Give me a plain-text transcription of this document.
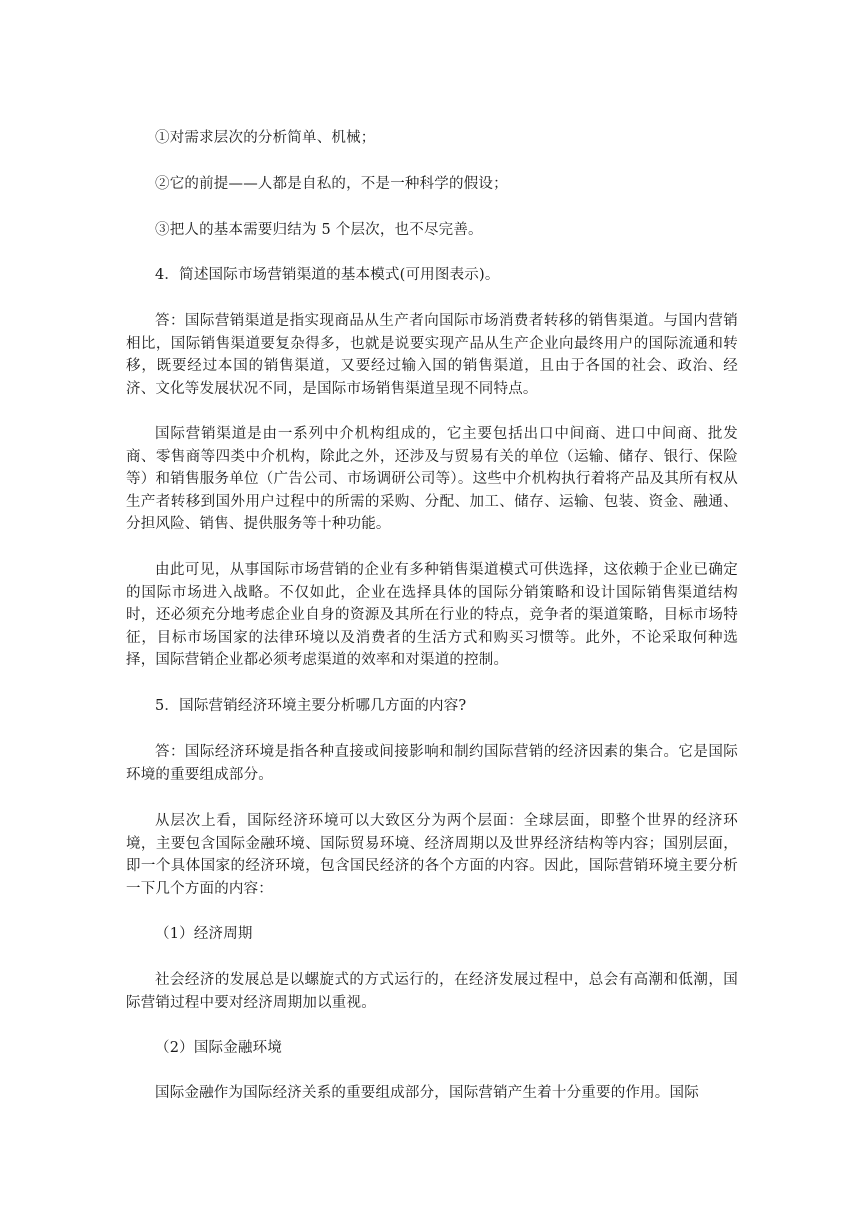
①对需求层次的分析简单、机械；

②它的前提——人都是自私的，不是一种科学的假设；

③把人的基本需要归结为 5 个层次，也不尽完善。

4．简述国际市场营销渠道的基本模式(可用图表示)。

答：国际营销渠道是指实现商品从生产者向国际市场消费者转移的销售渠道。与国内营销相比，国际销售渠道要复杂得多，也就是说要实现产品从生产企业向最终用户的国际流通和转移，既要经过本国的销售渠道，又要经过输入国的销售渠道，且由于各国的社会、政治、经济、文化等发展状况不同，是国际市场销售渠道呈现不同特点。

国际营销渠道是由一系列中介机构组成的，它主要包括出口中间商、进口中间商、批发商、零售商等四类中介机构，除此之外，还涉及与贸易有关的单位（运输、储存、银行、保险等）和销售服务单位（广告公司、市场调研公司等）。这些中介机构执行着将产品及其所有权从生产者转移到国外用户过程中的所需的采购、分配、加工、储存、运输、包装、资金、融通、分担风险、销售、提供服务等十种功能。

由此可见，从事国际市场营销的企业有多种销售渠道模式可供选择，这依赖于企业已确定的国际市场进入战略。不仅如此，企业在选择具体的国际分销策略和设计国际销售渠道结构时，还必须充分地考虑企业自身的资源及其所在行业的特点，竞争者的渠道策略，目标市场特征，目标市场国家的法律环境以及消费者的生活方式和购买习惯等。此外，不论采取何种选择，国际营销企业都必须考虑渠道的效率和对渠道的控制。

5．国际营销经济环境主要分析哪几方面的内容?

答：国际经济环境是指各种直接或间接影响和制约国际营销的经济因素的集合。它是国际环境的重要组成部分。

从层次上看，国际经济环境可以大致区分为两个层面：全球层面，即整个世界的经济环境，主要包含国际金融环境、国际贸易环境、经济周期以及世界经济结构等内容；国别层面，即一个具体国家的经济环境，包含国民经济的各个方面的内容。因此，国际营销环境主要分析一下几个方面的内容：

（1）经济周期

社会经济的发展总是以螺旋式的方式运行的，在经济发展过程中，总会有高潮和低潮，国际营销过程中要对经济周期加以重视。

（2）国际金融环境

国际金融作为国际经济关系的重要组成部分，国际营销产生着十分重要的作用。国际
